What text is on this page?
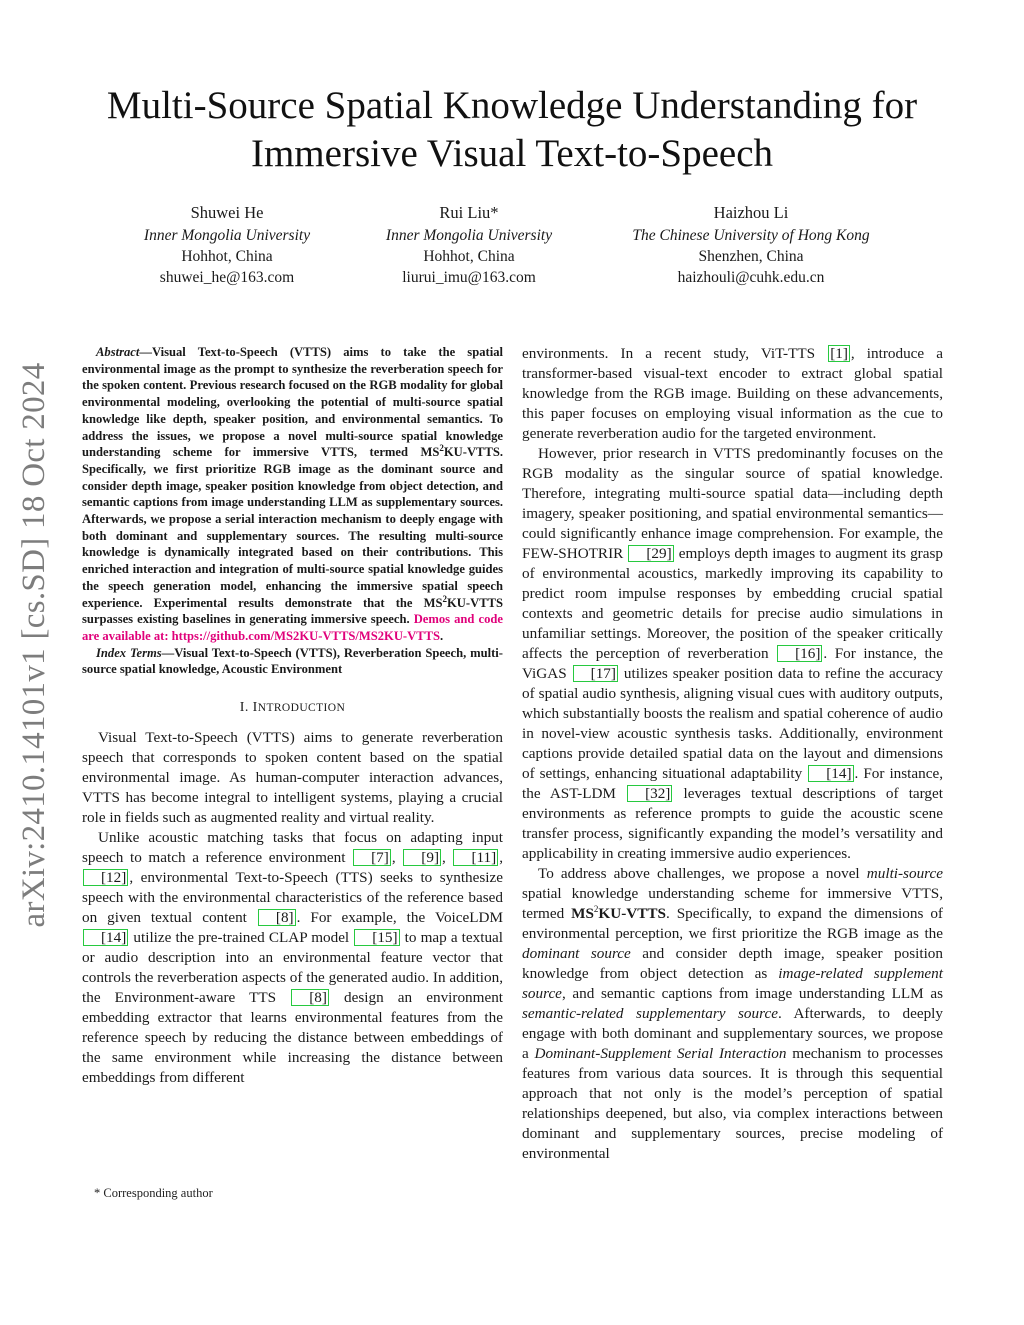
arXiv:2410.14101v1 [cs.SD] 18 Oct 2024
Multi-Source Spatial Knowledge Understanding for
Immersive Visual Text-to-Speech
Shuwei He
Inner Mongolia University
Hohhot, China
shuwei_he@163.com
Rui Liu*
Inner Mongolia University
Hohhot, China
liurui_imu@163.com
Haizhou Li
The Chinese University of Hong Kong
Shenzhen, China
haizhouli@cuhk.edu.cn

Abstract—Visual Text-to-Speech (VTTS) aims to take the spatial environmental image as the prompt to synthesize the reverberation speech for the spoken content. Previous research focused on the RGB modality for global environmental modeling, overlooking the potential of multi-source spatial knowledge like depth, speaker position, and environmental semantics. To address the issues, we propose a novel multi-source spatial knowledge understanding scheme for immersive VTTS, termed $MS^2KU$-VTTS. Specifically, we first prioritize RGB image as the dominant source and consider depth image, speaker position knowledge from object detection, and semantic captions from image understanding LLM as supplementary sources. Afterwards, we propose a serial interaction mechanism to deeply engage with both dominant and supplementary sources. The resulting multi-source knowledge is dynamically integrated based on their contributions. This enriched interaction and integration of multi-source spatial knowledge guides the speech generation model, enhancing the immersive spatial speech experience. Experimental results demonstrate that the $MS^2KU$-VTTS surpasses existing baselines in generating immersive speech. Demos and code are available at: https://github.com/MS2KU-VTTS/MS2KU-VTTS.

Index Terms—Visual Text-to-Speech (VTTS), Reverberation Speech, multi-source spatial knowledge, Acoustic Environment

I. INTRODUCTION

Visual Text-to-Speech (VTTS) aims to generate reverberation speech that corresponds to spoken content based on the spatial environmental image. As human-computer interaction advances, VTTS has become integral to intelligent systems, playing a crucial role in fields such as augmented reality and virtual reality.

Unlike acoustic matching tasks that focus on adapting input speech to match a reference environment [7] , [9] , [11] , [12] , environmental Text-to-Speech (TTS) seeks to synthesize speech with the environmental characteristics of the reference based on given textual content [8] . For example, the VoiceLDM [14] utilize the pre-trained CLAP model [15] to map a textual or audio description into an environmental feature vector that controls the reverberation aspects of the generated audio. In addition, the Environment-aware TTS [8] design an environment embedding extractor that learns environmental features from the reference speech by reducing the distance between embeddings of the same environment while increasing the distance between embeddings from different

* Corresponding author

environments. In a recent study, ViT-TTS [1] , introduce a transformer-based visual-text encoder to extract global spatial knowledge from the RGB image. Building on these advancements, this paper focuses on employing visual information as the cue to generate reverberation audio for the targeted environment.

However, prior research in VTTS predominantly focuses on the RGB modality as the singular source of spatial knowledge. Therefore, integrating multi-source spatial data—including depth imagery, speaker positioning, and spatial environmental semantics—could significantly enhance image comprehension. For example, the FEW-SHOTRIR [29] employs depth images to augment its grasp of environmental acoustics, markedly improving its capability to predict room impulse responses by embedding crucial spatial contexts and geometric details for precise audio simulations in unfamiliar settings. Moreover, the position of the speaker critically affects the perception of reverberation [16] . For instance, the ViGAS [17] utilizes speaker position data to refine the accuracy of spatial audio synthesis, aligning visual cues with auditory outputs, which substantially boosts the realism and spatial coherence of audio in novel-view acoustic synthesis tasks. Additionally, environment captions provide detailed spatial data on the layout and dimensions of settings, enhancing situational adaptability [14] . For instance, the AST-LDM [32] leverages textual descriptions of target environments as reference prompts to guide the acoustic scene transfer process, significantly expanding the model’s versatility and applicability in creating immersive audio experiences.

To address above challenges, we propose a novel multi-source spatial knowledge understanding scheme for immersive VTTS, termed $MS^2KU$-VTTS. Specifically, to expand the dimensions of environmental perception, we first prioritize the RGB image as the dominant source and consider depth image, speaker position knowledge from object detection as image-related supplement source, and semantic captions from image understanding LLM as semantic-related supplementary source. Afterwards, to deeply engage with both dominant and supplementary sources, we propose a Dominant-Supplement Serial Interaction mechanism to processes features from various data sources. It is through this sequential approach that not only is the model’s perception of spatial relationships deepened, but also, via complex interactions between dominant and supplementary sources, precise modeling of environmental
